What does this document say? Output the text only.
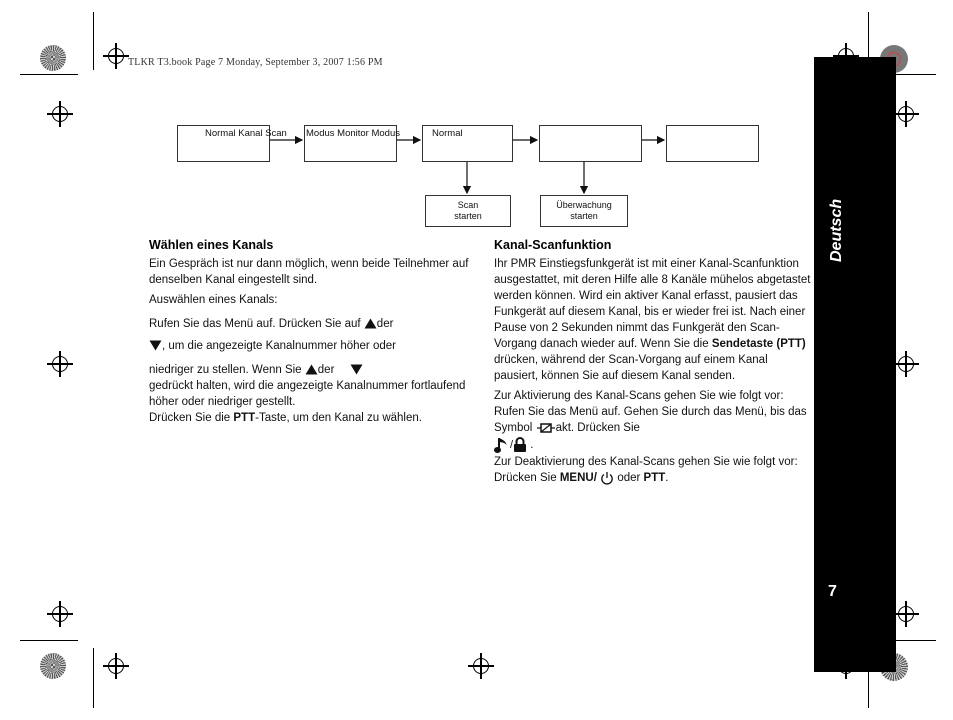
TLKR T3.book Page 7 Monday, September 3, 2007 1:56 PM
Deutsch
7
Normal Kanal Scan Modus Monitor Modus	Normal
Scan
starten
Überwachung
starten
Wählen eines Kanals

Ein Gespräch ist nur dann möglich, wenn beide Teilnehmer auf denselben Kanal eingestellt sind.

Auswählen eines Kanals:

Rufen Sie das Menü auf. Drücken Sie auf der

, um die angezeigte Kanalnummer höher oder

niedriger zu stellen. Wenn Sie der
gedrückt halten, wird die angezeigte Kanalnummer fortlaufend höher oder niedriger gestellt.

Drücken Sie die PTT-Taste, um den Kanal zu wählen.

Kanal-Scanfunktion

Ihr PMR Einstiegsfunkgerät ist mit einer Kanal-Scanfunktion ausgestattet, mit deren Hilfe alle 8 Kanäle mühelos abgetastet werden können. Wird ein aktiver Kanal erfasst, pausiert das Funkgerät auf diesem Kanal, bis er wieder frei ist. Nach einer Pause von 2 Sekunden nimmt das Funkgerät den Scan-Vorgang danach wieder auf. Wenn Sie die Sendetaste (PTT) drücken, während der Scan-Vorgang auf einem Kanal pausiert, können Sie auf diesem Kanal senden.

Zur Aktivierung des Kanal-Scans gehen Sie wie folgt vor:

Rufen Sie das Menü auf. Gehen Sie durch das Menü, bis das Symbol akt. Drücken Sie
/ .

Zur Deaktivierung des Kanal-Scans gehen Sie wie folgt vor:

Drücken Sie MENU/ oder PTT.
